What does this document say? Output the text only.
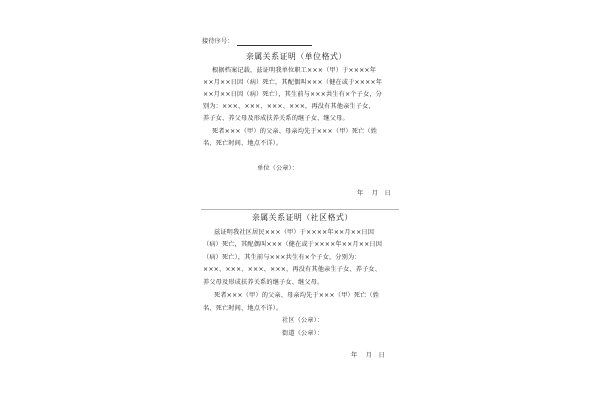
接待序号：
亲属关系证明（单位格式）
根据档案记载，兹证明我单位职工×××（甲）于××××年
××月××日因（病）死亡，其配偶叫×××（健在或于××××年
××月××日因（病）死亡），其生前与×××共生有×个子女，分
别为：×××、×××、×××、×××，再没有其他亲生子女、
养子女、养父母及形成扶养关系的继子女、继父母。
死者×××（甲）的父亲、母亲均先于×××（甲）死亡（姓
名、死亡时间、地点不详）。
单位（公章）：
年　 月　日
亲属关系证明（社区格式）
兹证明我社区居民×××（甲）于××××年××月××日因
（病）死亡，其配偶叫×××（健在或于××××年××月××日因
（病）死亡），其生前与×××共生有×个子女，分别为：
×××、×××、×××、×××，再没有其他亲生子女、养子女、
养父母及形成扶养关系的继子女、继父母。
死者×××（甲）的父亲、母亲均先于×××（甲）死亡（姓
名、死亡时间、地点不详）。
社区（公章）：
街道（公章）：
年　 月　日
